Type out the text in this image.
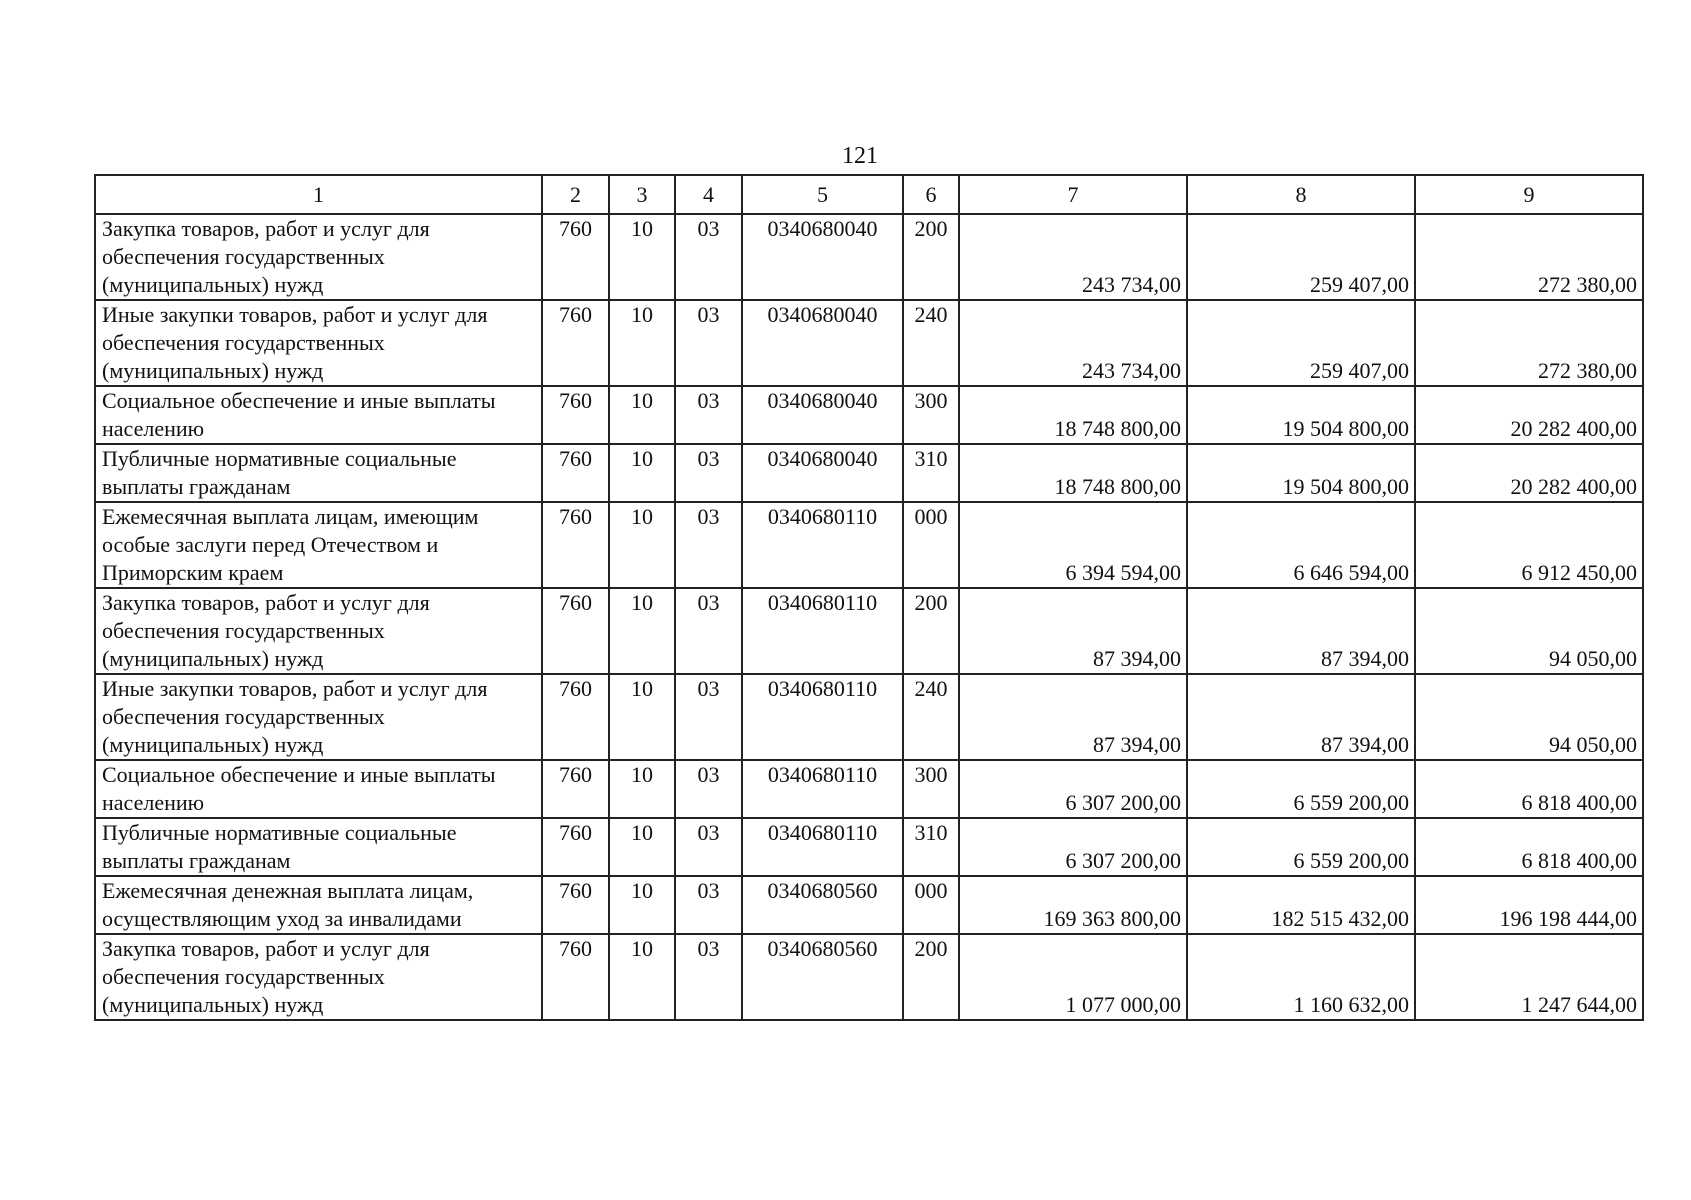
121
1	2	3	4	5	6	7	8	9
Закупка товаров, работ и услуг для обеспечения государственных (муниципальных) нужд	760	10	03	0340680040	200	243 734,00	259 407,00	272 380,00
Иные закупки товаров, работ и услуг для обеспечения государственных (муниципальных) нужд	760	10	03	0340680040	240	243 734,00	259 407,00	272 380,00
Социальное обеспечение и иные выплаты населению	760	10	03	0340680040	300	18 748 800,00	19 504 800,00	20 282 400,00
Публичные нормативные социальные выплаты гражданам	760	10	03	0340680040	310	18 748 800,00	19 504 800,00	20 282 400,00
Ежемесячная выплата лицам, имеющим особые заслуги перед Отечеством и Приморским краем	760	10	03	0340680110	000	6 394 594,00	6 646 594,00	6 912 450,00
Закупка товаров, работ и услуг для обеспечения государственных (муниципальных) нужд	760	10	03	0340680110	200	87 394,00	87 394,00	94 050,00
Иные закупки товаров, работ и услуг для обеспечения государственных (муниципальных) нужд	760	10	03	0340680110	240	87 394,00	87 394,00	94 050,00
Социальное обеспечение и иные выплаты населению	760	10	03	0340680110	300	6 307 200,00	6 559 200,00	6 818 400,00
Публичные нормативные социальные выплаты гражданам	760	10	03	0340680110	310	6 307 200,00	6 559 200,00	6 818 400,00
Ежемесячная денежная выплата лицам, осуществляющим уход за инвалидами	760	10	03	0340680560	000	169 363 800,00	182 515 432,00	196 198 444,00
Закупка товаров, работ и услуг для обеспечения государственных (муниципальных) нужд	760	10	03	0340680560	200	1 077 000,00	1 160 632,00	1 247 644,00
